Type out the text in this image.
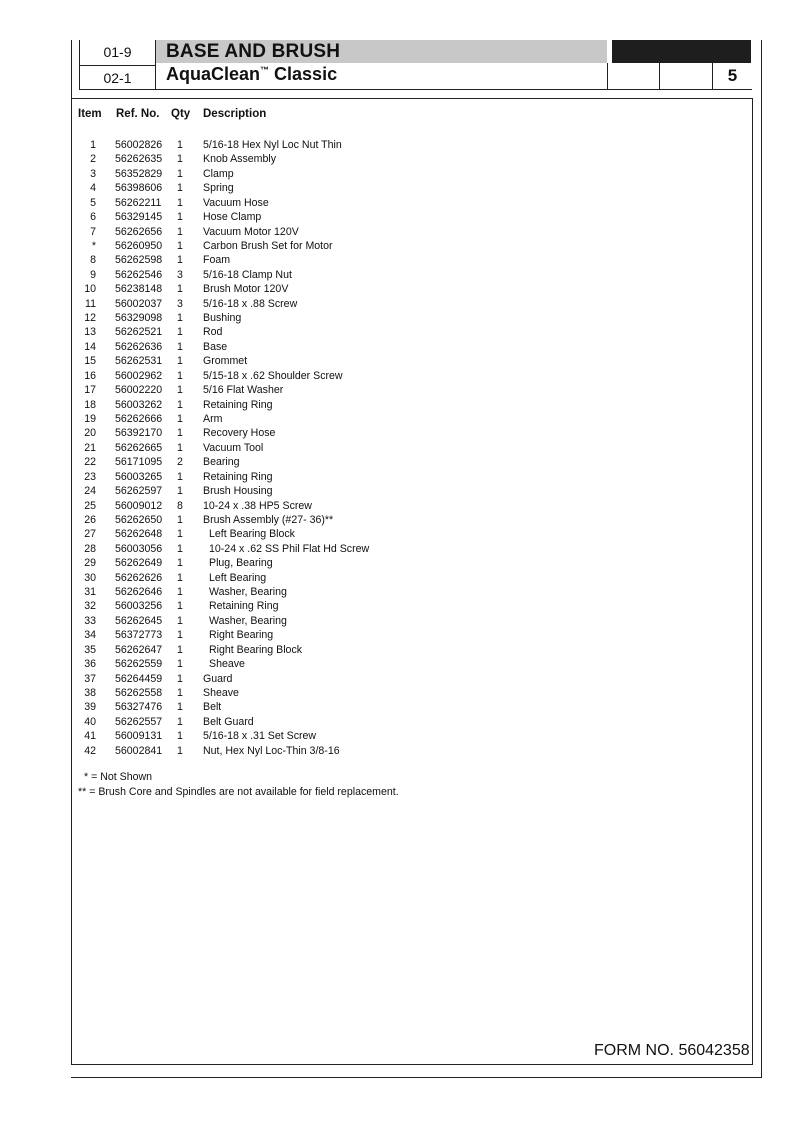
01-9
02-1
BASE AND BRUSH
AquaClean™ Classic	5
Item Ref. No. Qty Description
1 56002826 1 5/16-18 Hex Nyl Loc Nut Thin
2 56262635 1 Knob Assembly
3 56352829 1 Clamp
4 56398606 1 Spring
5 56262211 1 Vacuum Hose
6 56329145 1 Hose Clamp
7 56262656 1 Vacuum Motor 120V
* 56260950 1 Carbon Brush Set for Motor
8 56262598 1 Foam
9 56262546 3 5/16-18 Clamp Nut
10 56238148 1 Brush Motor 120V
11 56002037 3 5/16-18 x .88 Screw
12 56329098 1 Bushing
13 56262521 1 Rod
14 56262636 1 Base
15 56262531 1 Grommet
16 56002962 1 5/15-18 x .62 Shoulder Screw
17 56002220 1 5/16 Flat Washer
18 56003262 1 Retaining Ring
19 56262666 1 Arm
20 56392170 1 Recovery Hose
21 56262665 1 Vacuum Tool
22 56171095 2 Bearing
23 56003265 1 Retaining Ring
24 56262597 1 Brush Housing
25 56009012 8 10-24 x .38 HP5 Screw
26 56262650 1 Brush Assembly (#27- 36)**
27 56262648 1 Left Bearing Block
28 56003056 1 10-24 x .62 SS Phil Flat Hd Screw
29 56262649 1 Plug, Bearing
30 56262626 1 Left Bearing
31 56262646 1 Washer, Bearing
32 56003256 1 Retaining Ring
33 56262645 1 Washer, Bearing
34 56372773 1 Right Bearing
35 56262647 1 Right Bearing Block
36 56262559 1 Sheave
37 56264459 1 Guard
38 56262558 1 Sheave
39 56327476 1 Belt
40 56262557 1 Belt Guard
41 56009131 1 5/16-18 x .31 Set Screw
42 56002841 1 Nut, Hex Nyl Loc-Thin 3/8-16
* = Not Shown
** = Brush Core and Spindles are not available for field replacement.
FORM NO. 56042358
